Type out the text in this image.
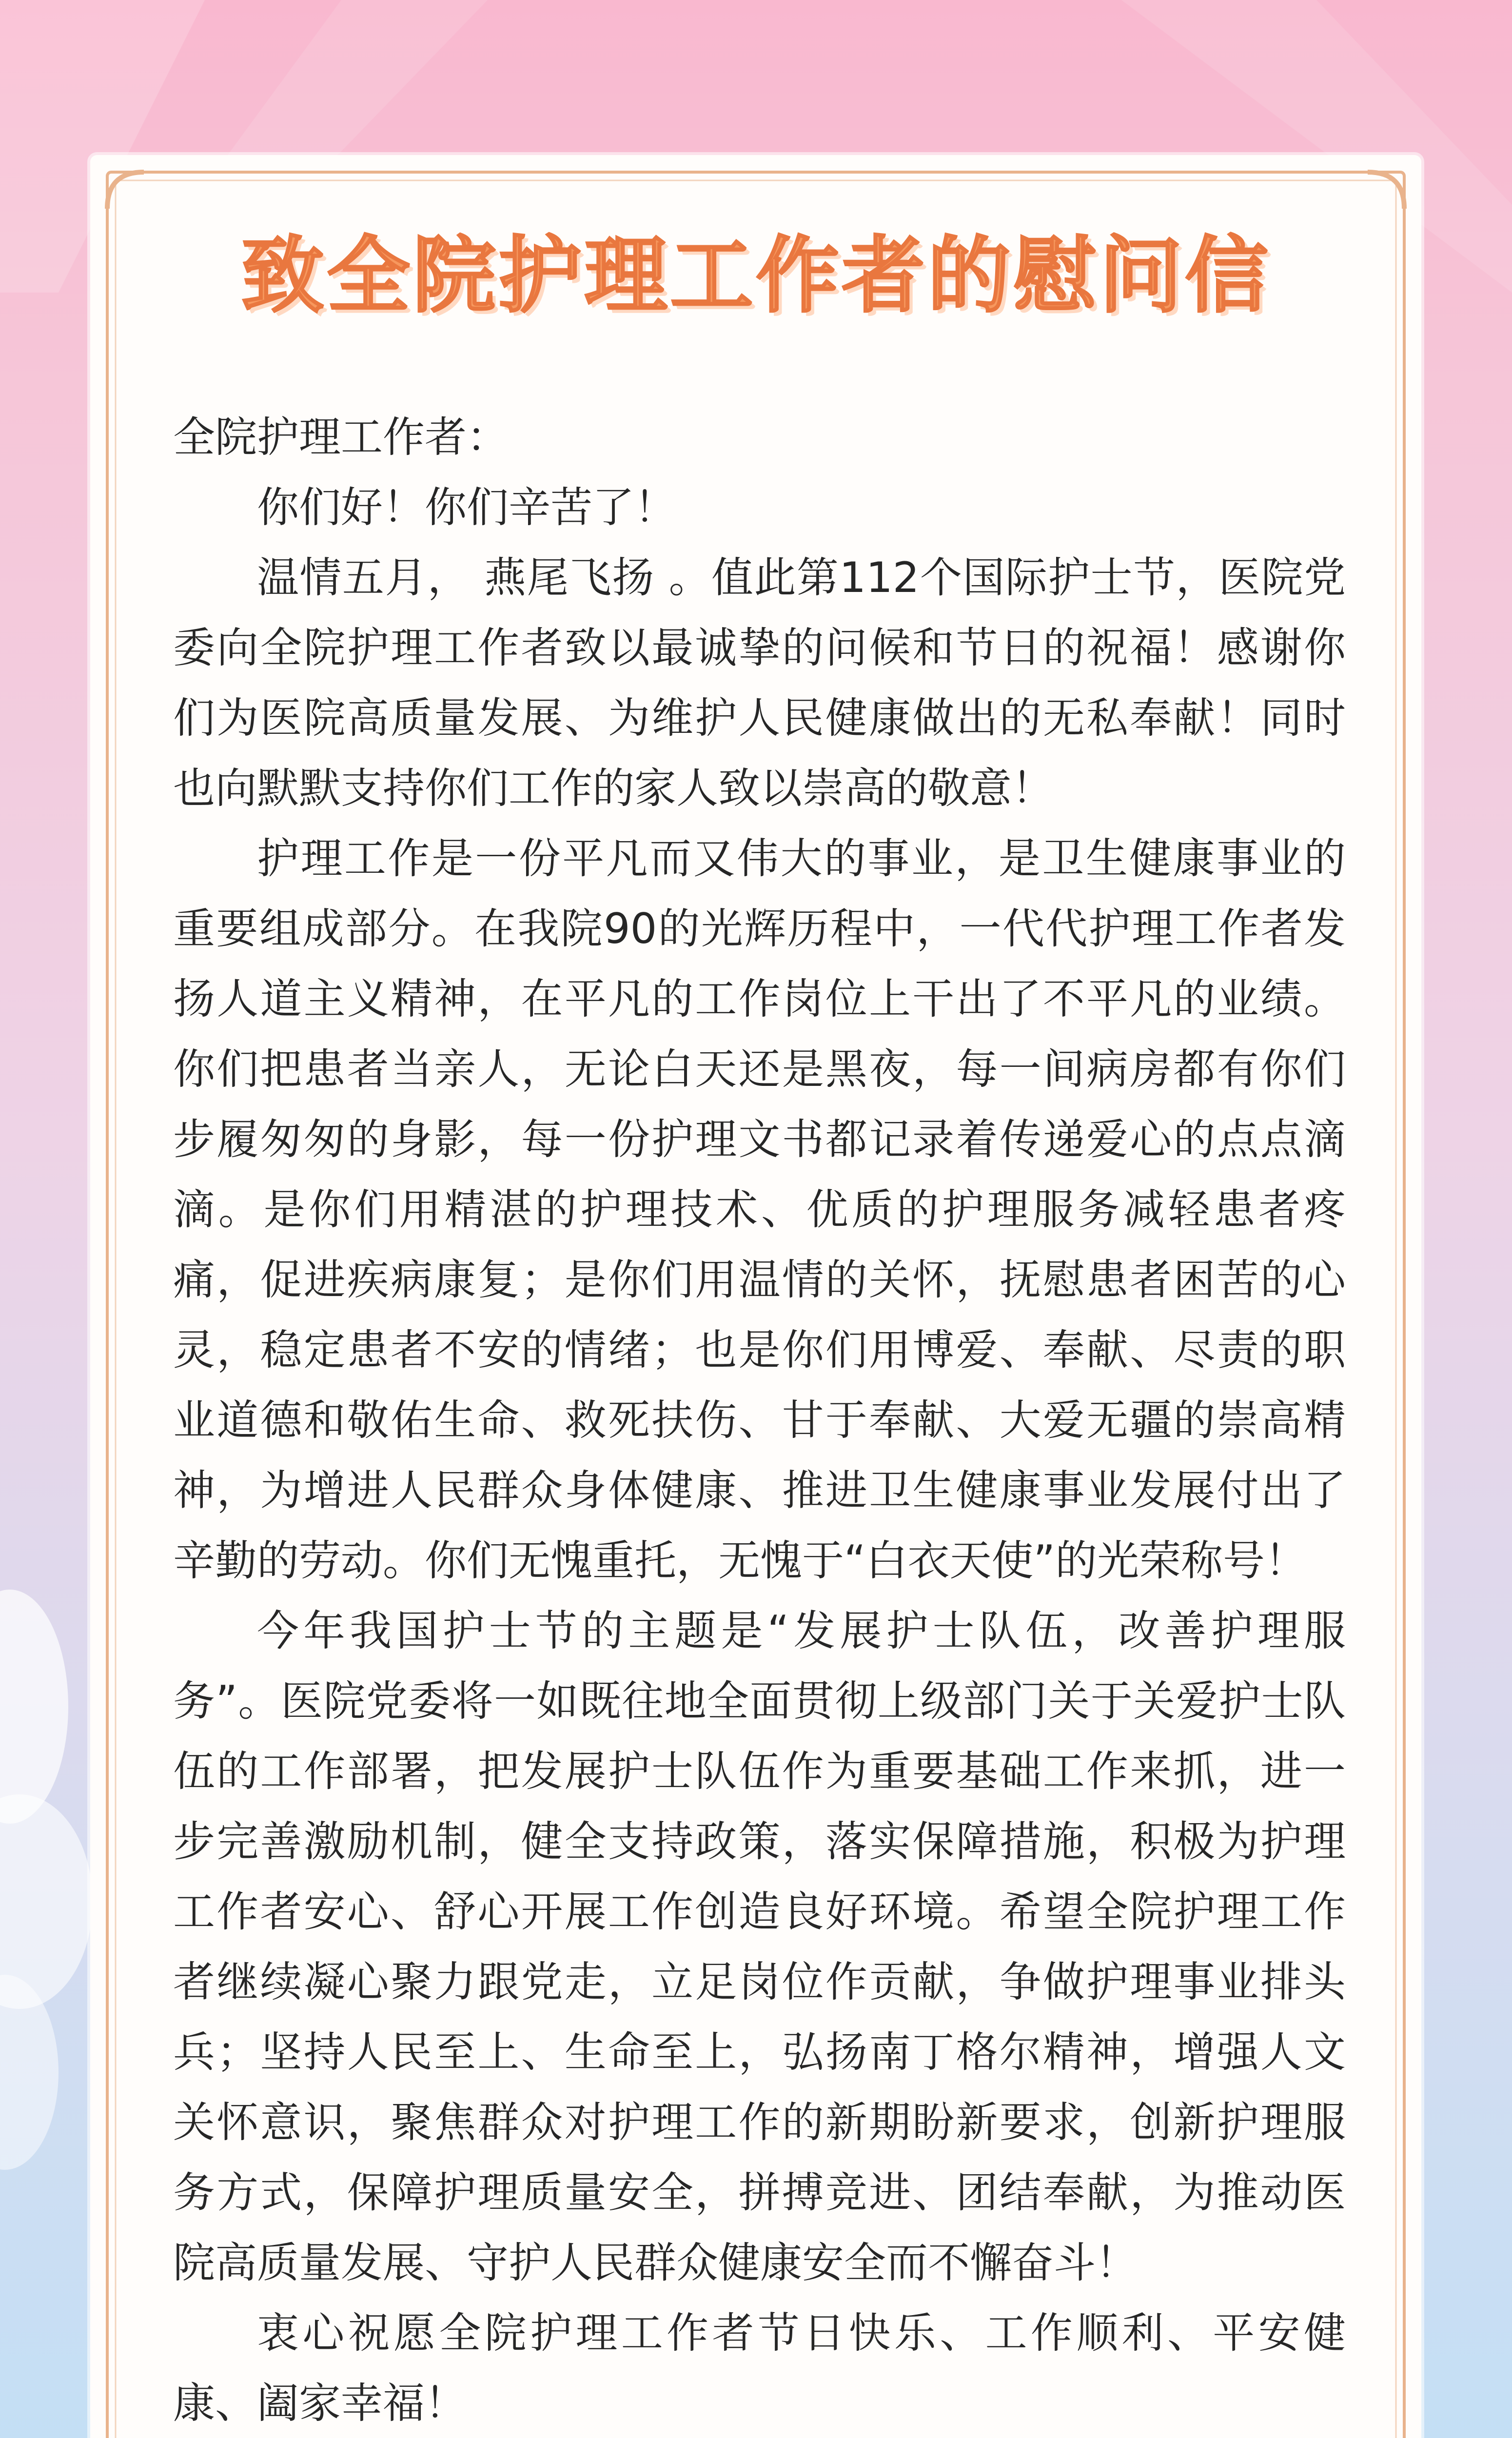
致全院护理工作者的慰问信

全院护理工作者：

你们好！你们辛苦了！

温情五月， 燕尾飞扬 。值此第112个国际护士节，医院党委向全院护理工作者致以最诚挚的问候和节日的祝福！感谢你们为医院高质量发展、为维护人民健康做出的无私奉献！同时也向默默支持你们工作的家人致以崇高的敬意！

护理工作是一份平凡而又伟大的事业，是卫生健康事业的重要组成部分。在我院90的光辉历程中，一代代护理工作者发扬人道主义精神，在平凡的工作岗位上干出了不平凡的业绩。你们把患者当亲人，无论白天还是黑夜，每一间病房都有你们步履匆匆的身影，每一份护理文书都记录着传递爱心的点点滴滴。是你们用精湛的护理技术、优质的护理服务减轻患者疼痛，促进疾病康复；是你们用温情的关怀，抚慰患者困苦的心灵，稳定患者不安的情绪；也是你们用博爱、奉献、尽责的职业道德和敬佑生命、救死扶伤、甘于奉献、大爱无疆的崇高精神，为增进人民群众身体健康、推进卫生健康事业发展付出了辛勤的劳动。你们无愧重托，无愧于“白衣天使”的光荣称号！

今年我国护士节的主题是“发展护士队伍，改善护理服务”。医院党委将一如既往地全面贯彻上级部门关于关爱护士队伍的工作部署，把发展护士队伍作为重要基础工作来抓，进一步完善激励机制，健全支持政策，落实保障措施，积极为护理工作者安心、舒心开展工作创造良好环境。希望全院护理工作者继续凝心聚力跟党走，立足岗位作贡献，争做护理事业排头兵；坚持人民至上、生命至上，弘扬南丁格尔精神，增强人文关怀意识，聚焦群众对护理工作的新期盼新要求，创新护理服务方式，保障护理质量安全，拼搏竞进、团结奉献，为推动医院高质量发展、守护人民群众健康安全而不懈奋斗！

衷心祝愿全院护理工作者节日快乐、工作顺利、平安健康、阖家幸福！
